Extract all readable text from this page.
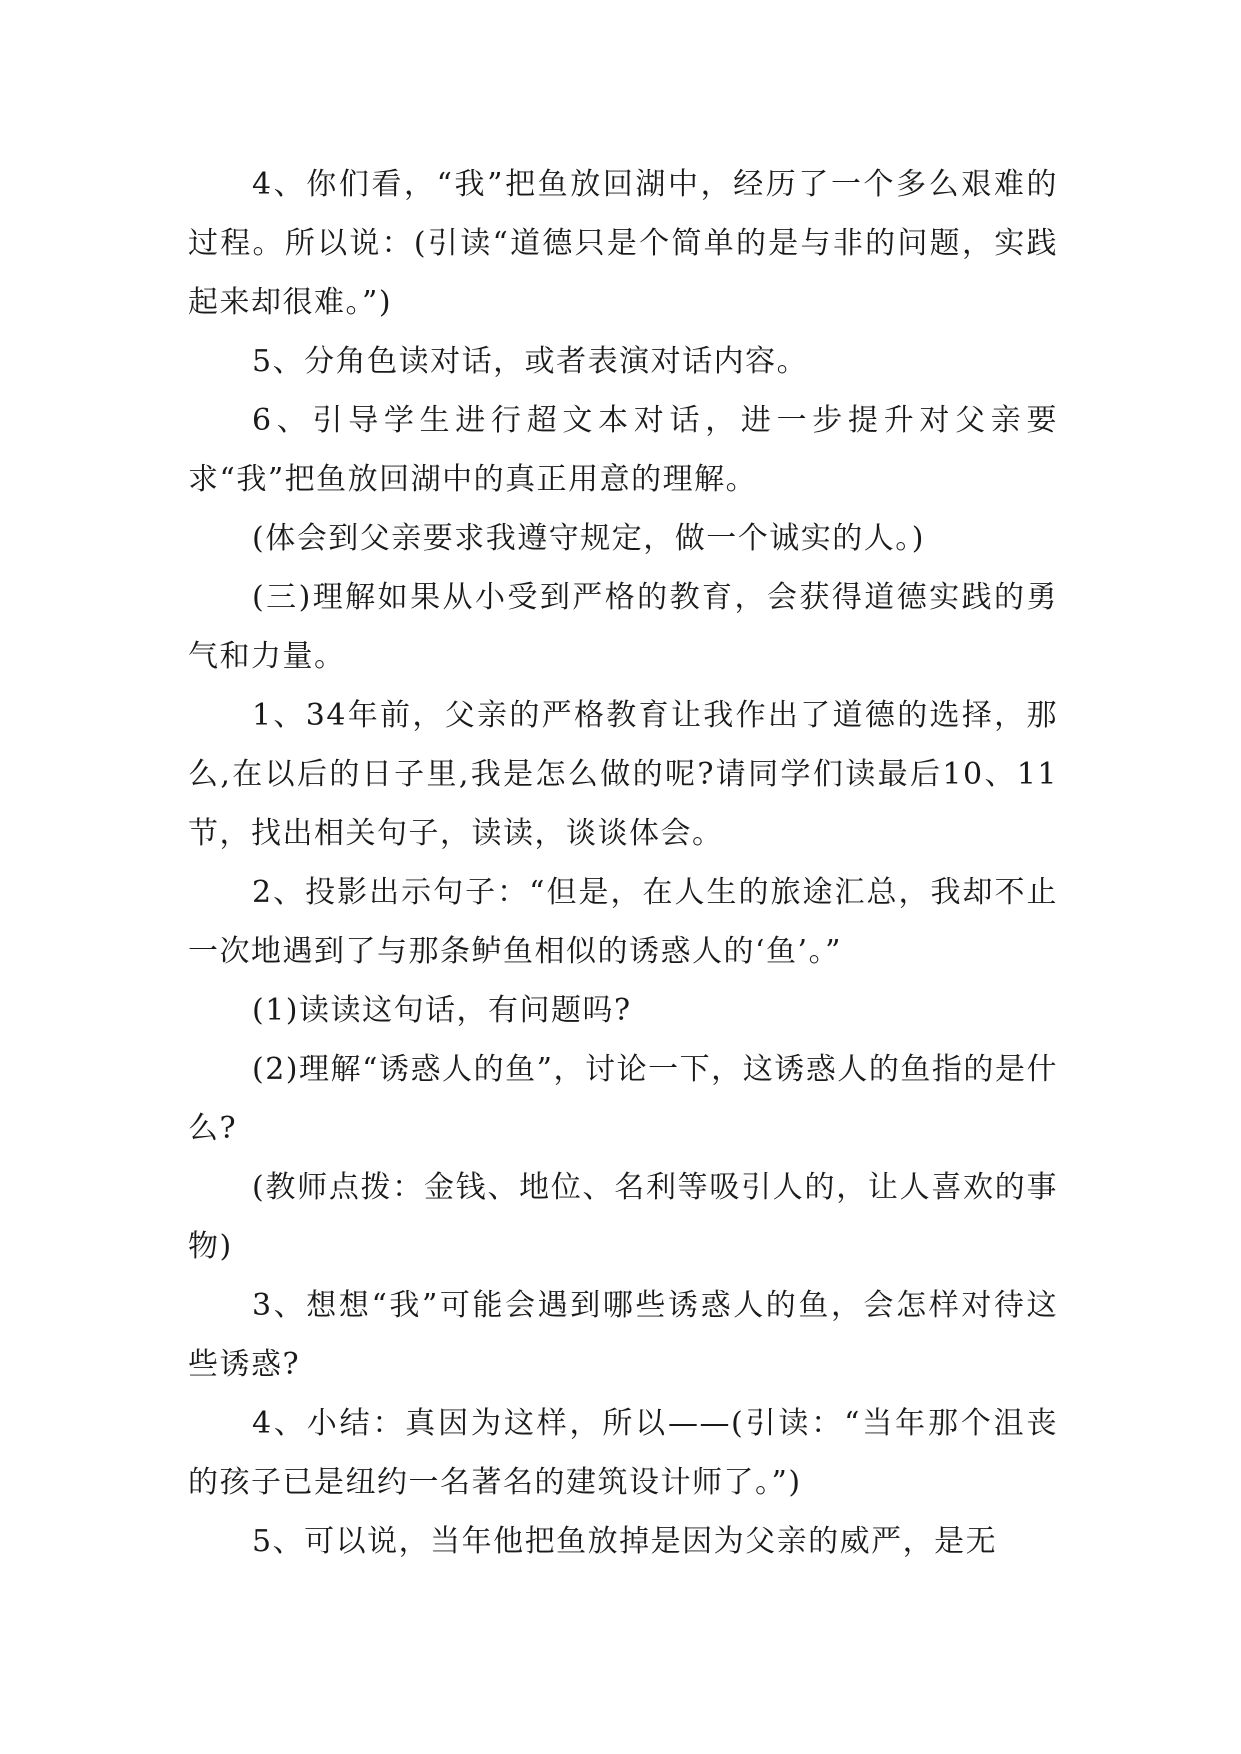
4、你们看，“我”把鱼放回湖中，经历了一个多么艰难的过程。所以说：(引读“道德只是个简单的是与非的问题，实践起来却很难。”)

5、分角色读对话，或者表演对话内容。

6、引导学生进行超文本对话，进一步提升对父亲要求“我”把鱼放回湖中的真正用意的理解。

(体会到父亲要求我遵守规定，做一个诚实的人。)

(三)理解如果从小受到严格的教育，会获得道德实践的勇气和力量。

1、34年前，父亲的严格教育让我作出了道德的选择，那么,在以后的日子里,我是怎么做的呢?请同学们读最后10、11节，找出相关句子，读读，谈谈体会。

2、投影出示句子：“但是，在人生的旅途汇总，我却不止一次地遇到了与那条鲈鱼相似的诱惑人的‘鱼’。”

(1)读读这句话，有问题吗?

(2)理解“诱惑人的鱼”，讨论一下，这诱惑人的鱼指的是什么?

(教师点拨：金钱、地位、名利等吸引人的，让人喜欢的事物)

3、想想“我”可能会遇到哪些诱惑人的鱼，会怎样对待这些诱惑?

4、小结：真因为这样，所以——(引读：“当年那个沮丧的孩子已是纽约一名著名的建筑设计师了。”)

5、可以说，当年他把鱼放掉是因为父亲的威严，是无
